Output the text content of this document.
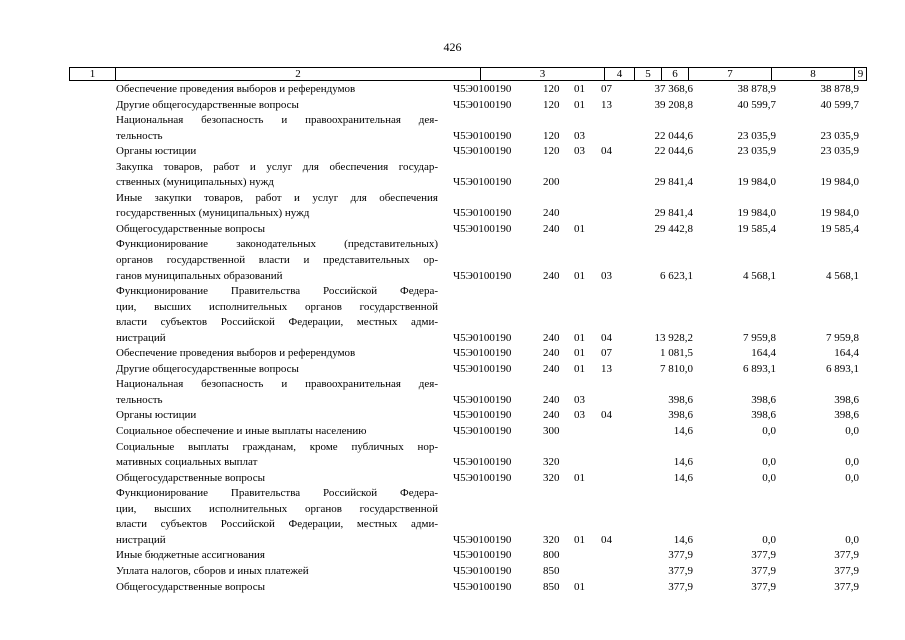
426
1	2	3	4	5	6	7	8	9
Обеспечение проведения выборов и референдумов	Ч5Э0100190	120 01 07	37 368,6	38 878,9	38 878,9
Другие общегосударственные вопросы	Ч5Э0100190	120 01 13	39 208,8	40 599,7	40 599,7
Национальная безопасность и правоохранительная дея-
тельность	Ч5Э0100190	120 03	22 044,6	23 035,9	23 035,9
Органы юстиции	Ч5Э0100190	120 03 04	22 044,6	23 035,9	23 035,9
Закупка товаров, работ и услуг для обеспечения государ-
ственных (муниципальных) нужд	Ч5Э0100190	200	29 841,4	19 984,0	19 984,0
Иные закупки товаров, работ и услуг для обеспечения
государственных (муниципальных) нужд	Ч5Э0100190	240	29 841,4	19 984,0	19 984,0
Общегосударственные вопросы	Ч5Э0100190	240 01	29 442,8	19 585,4	19 585,4
Функционирование законодательных (представительных)
органов государственной власти и представительных ор-
ганов муниципальных образований	Ч5Э0100190	240 01 03	6 623,1	4 568,1	4 568,1
Функционирование Правительства Российской Федера-
ции, высших исполнительных органов государственной
власти субъектов Российской Федерации, местных адми-
нистраций	Ч5Э0100190	240 01 04	13 928,2	7 959,8	7 959,8
Обеспечение проведения выборов и референдумов	Ч5Э0100190	240 01 07	1 081,5	164,4	164,4
Другие общегосударственные вопросы	Ч5Э0100190	240 01 13	7 810,0	6 893,1	6 893,1
Национальная безопасность и правоохранительная дея-
тельность	Ч5Э0100190	240 03	398,6	398,6	398,6
Органы юстиции	Ч5Э0100190	240 03 04	398,6	398,6	398,6
Социальное обеспечение и иные выплаты населению	Ч5Э0100190	300	14,6	0,0	0,0
Социальные выплаты гражданам, кроме публичных нор-
мативных социальных выплат	Ч5Э0100190	320	14,6	0,0	0,0
Общегосударственные вопросы	Ч5Э0100190	320 01	14,6	0,0	0,0
Функционирование Правительства Российской Федера-
ции, высших исполнительных органов государственной
власти субъектов Российской Федерации, местных адми-
нистраций	Ч5Э0100190	320 01 04	14,6	0,0	0,0
Иные бюджетные ассигнования	Ч5Э0100190	800	377,9	377,9	377,9
Уплата налогов, сборов и иных платежей	Ч5Э0100190	850	377,9	377,9	377,9
Общегосударственные вопросы	Ч5Э0100190	850 01	377,9	377,9	377,9
